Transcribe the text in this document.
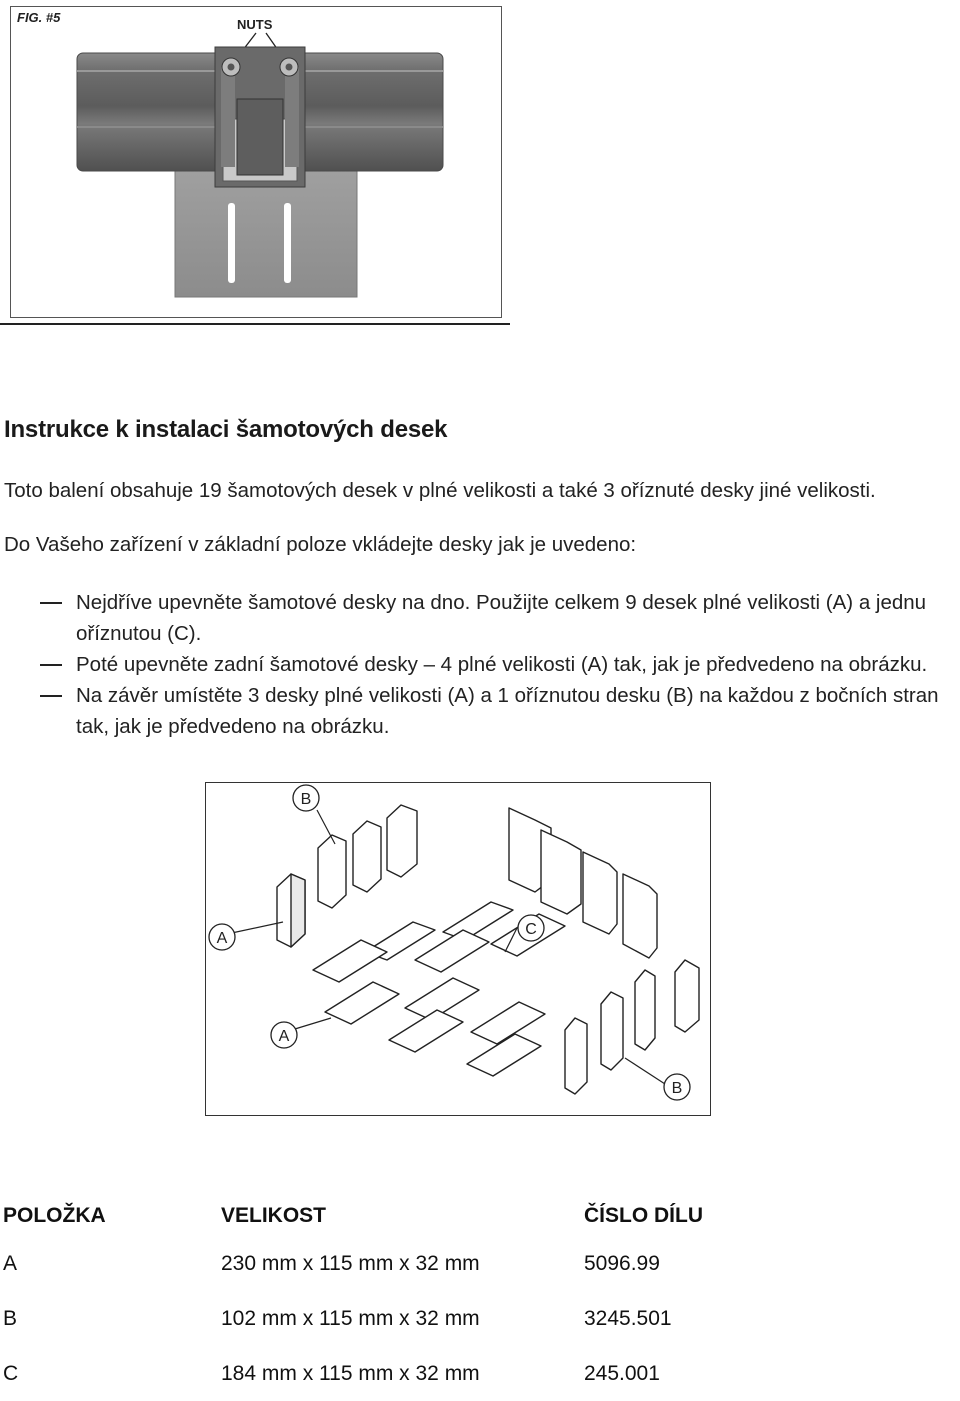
FIG. #5	NUTS
Instrukce k instalaci šamotových desek
Toto balení obsahuje 19 šamotových desek v plné velikosti a také 3 oříznuté desky jiné velikosti.
Do Vašeho zařízení v základní poloze vkládejte desky jak je uvedeno:
Nejdříve upevněte šamotové desky na dno. Použijte celkem 9 desek plné velikosti (A) a jednu oříznutou (C).
Poté upevněte zadní šamotové desky – 4 plné velikosti (A) tak, jak je předvedeno na obrázku.
Na závěr umístěte 3 desky plné velikosti (A) a 1 oříznutou desku (B) na každou z bočních stran tak, jak je předvedeno na obrázku.
B
A
C
A
B
POLOŽKA	VELIKOST	ČÍSLO DÍLU
A	230 mm x 115 mm x 32 mm	5096.99
B	102 mm x 115 mm x 32 mm	3245.501
C	184 mm x 115 mm x 32 mm	245.001
